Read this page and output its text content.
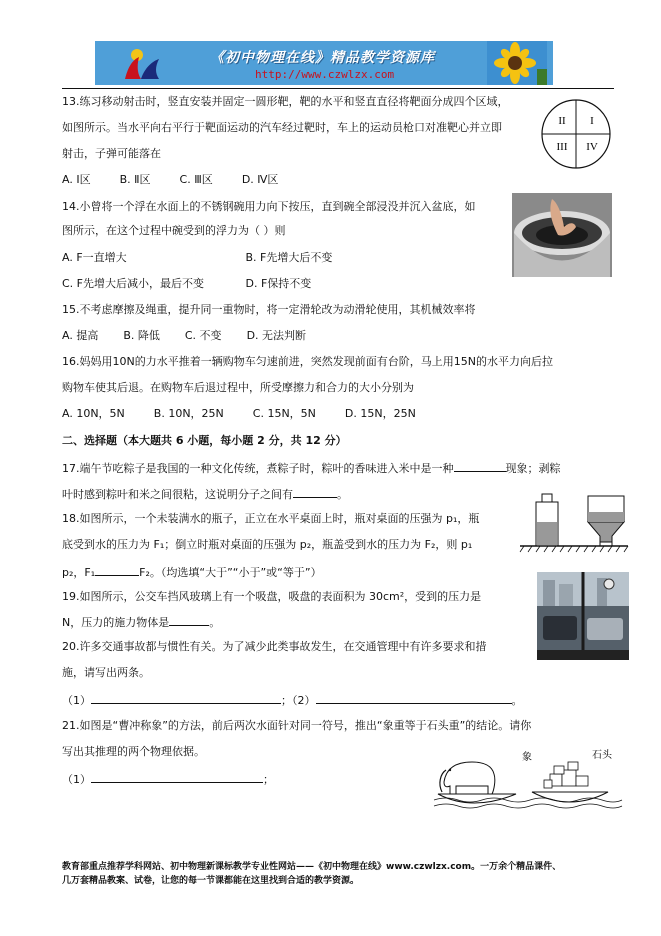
《初中物理在线》精品教学资源库
http://www.czwlzx.com
13.练习移动射击时，竖直安装并固定一圆形靶，靶的水平和竖直直径将靶面分成四个区域，
如图所示。当水平向右平行于靶面运动的汽车经过靶时，车上的运动员枪口对准靶心并立即
射击，子弹可能落在
A. Ⅰ区	B. Ⅱ区	C. Ⅲ区	D. Ⅳ区
I
II
III IV
14.小曾将一个浮在水面上的不锈钢碗用力向下按压，直到碗全部浸没并沉入盆底，如
图所示，在这个过程中碗受到的浮力为（ ）则
A. F一直增大	B. F先增大后不变
C. F先增大后减小，最后不变	D. F保持不变
15.不考虑摩擦及绳重，提升同一重物时，将一定滑轮改为动滑轮使用，其机械效率将
A. 提高 B. 降低 C. 不变 D. 无法判断
16.妈妈用10N的力水平推着一辆购物车匀速前进，突然发现前面有台阶，马上用15N的水平力向后拉
购物车使其后退。在购物车后退过程中，所受摩擦力和合力的大小分别为
A. 10N，5N	B. 10N，25N	C. 15N，5N	D. 15N，25N
二、选择题（本大题共 6 小题，每小题 2 分，共 12 分）
17.端午节吃粽子是我国的一种文化传统，煮粽子时，粽叶的香味进入米中是一种	现象；剥粽
叶时感到粽叶和米之间很粘，这说明分子之间有	。
18.如图所示，一个未装满水的瓶子，正立在水平桌面上时，瓶对桌面的压强为 p₁，瓶
底受到水的压力为 F₁；倒立时瓶对桌面的压强为 p₂，瓶盖受到水的压力为 F₂，则 p₁
p₂，F₁	F₂。（均选填“大于”“小于”或“等于”）
19.如图所示，公交车挡风玻璃上有一个吸盘，吸盘的表面积为 30cm²，受到的压力是
N，压力的施力物体是	。
20.许多交通事故都与惯性有关。为了减少此类事故发生，在交通管理中有许多要求和措
施，请写出两条。
（1）	；（2）	。
21.如图是“曹冲称象”的方法，前后两次水面针对同一符号，推出“象重等于石头重”的结论。请你
写出其推理的两个物理依据。
（1）	；
象	石头
教育部重点推荐学科网站、初中物理新课标教学专业性网站——《初中物理在线》www.czwlzx.com。一万余个精品课件、
几万套精品教案、试卷，让您的每一节课都能在这里找到合适的教学资源。
